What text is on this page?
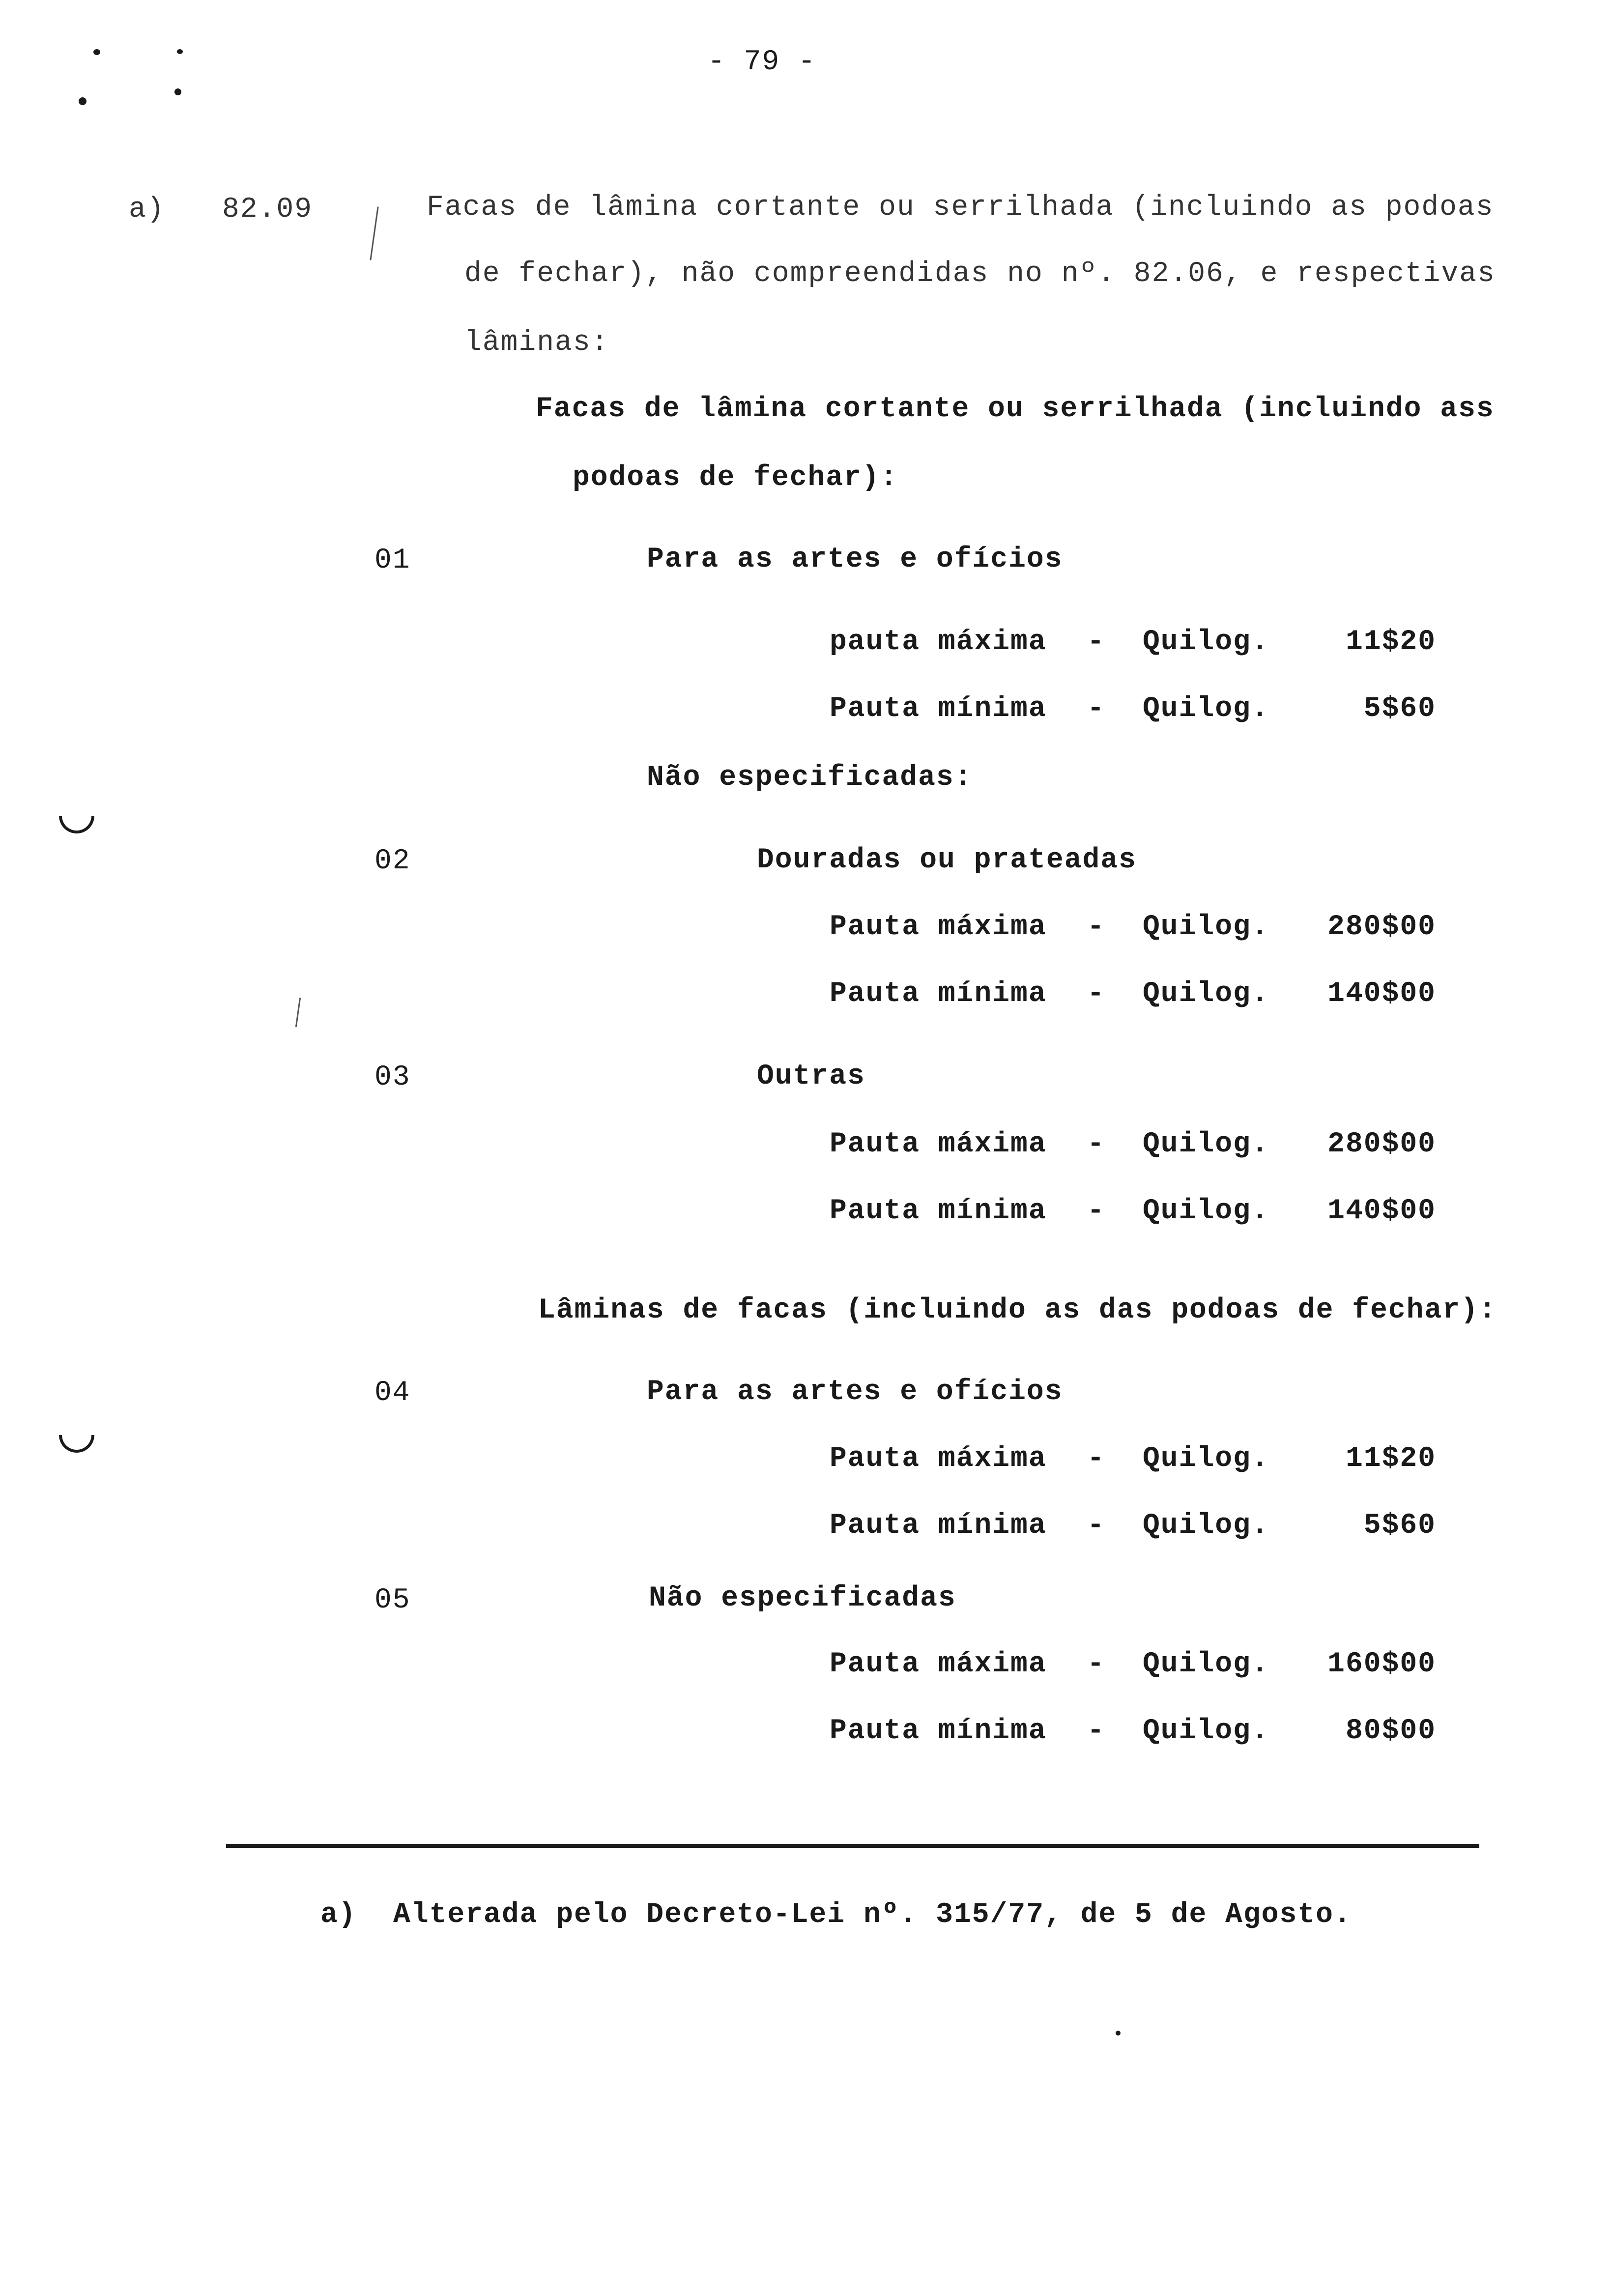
- 79 -
a) 82.09	Facas de lâmina cortante ou serrilhada (incluindo as podoas
de fechar), não compreendidas no nº. 82.06, e respectivas
lâminas:
Facas de lâmina cortante ou serrilhada (incluindo ass
podoas de fechar):
01	Para as artes e ofícios
pauta máxima - Quilog.	11$20
Pauta mínima - Quilog.	5$60
Não especificadas:
02	Douradas ou prateadas
Pauta máxima - Quilog. 280$00
Pauta mínima - Quilog. 140$00
03	Outras
Pauta máxima - Quilog. 280$00
Pauta mínima - Quilog. 140$00
Lâminas de facas (incluindo as das podoas de fechar):
04	Para as artes e ofícios
Pauta máxima - Quilog.	11$20
Pauta mínima - Quilog.	5$60
05	Não especificadas
Pauta máxima - Quilog. 160$00
Pauta mínima - Quilog.	80$00
a) Alterada pelo Decreto-Lei nº. 315/77, de 5 de Agosto.
